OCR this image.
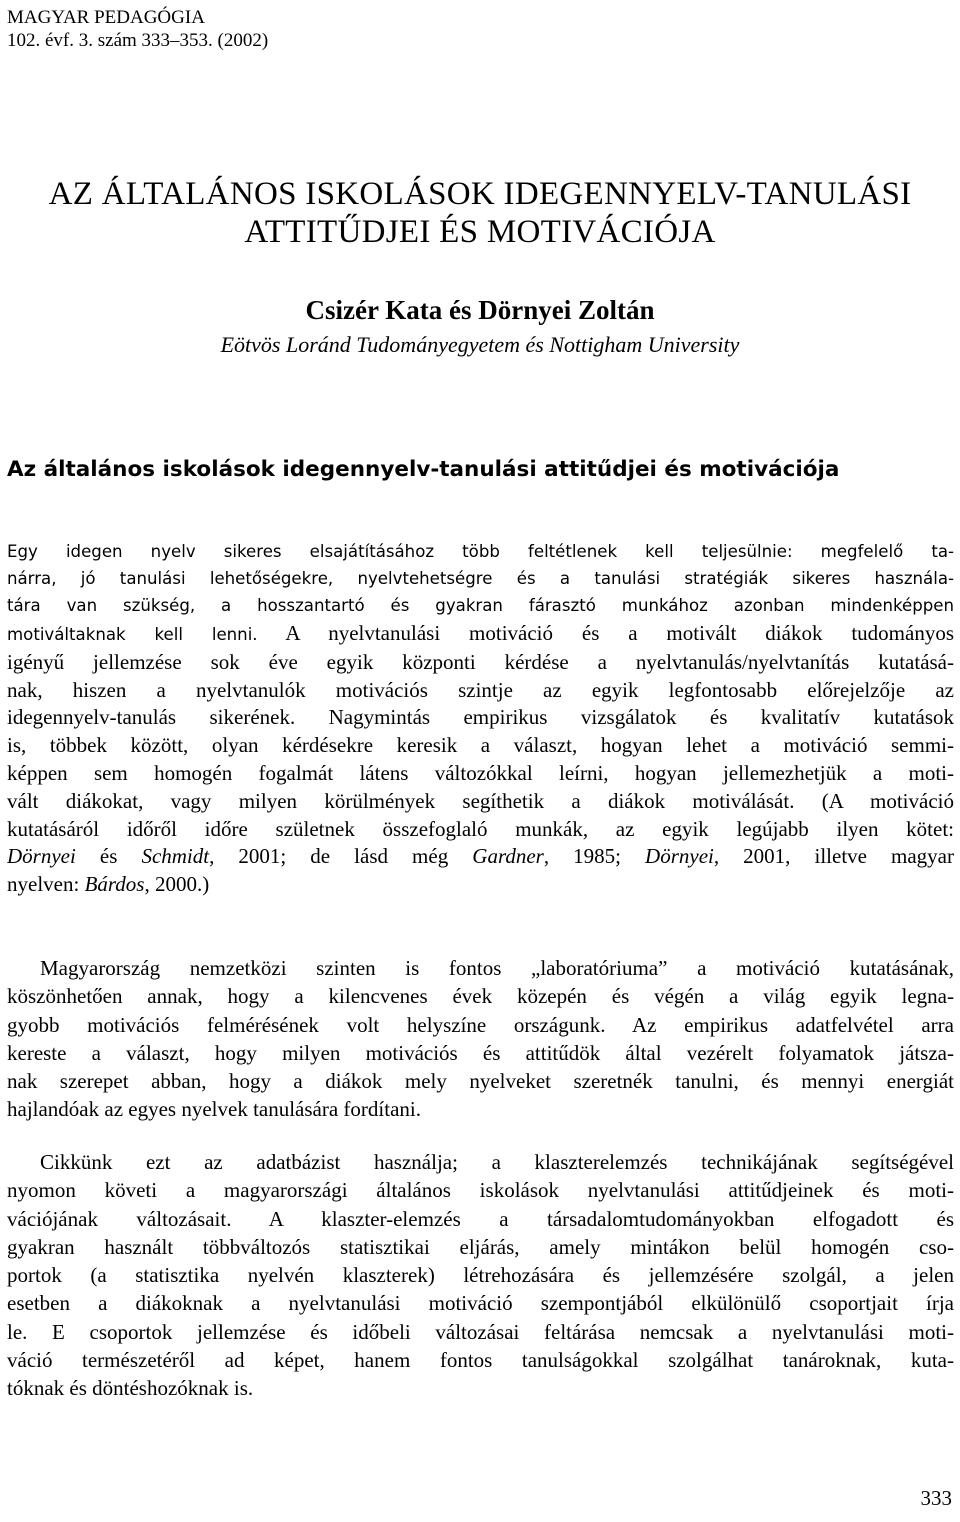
MAGYAR PEDAGÓGIA
102. évf. 3. szám 333–353. (2002)
AZ ÁLTALÁNOS ISKOLÁSOK IDEGENNYELV-TANULÁSI
ATTITŰDJEI ÉS MOTIVÁCIÓJA
Csizér Kata és Dörnyei Zoltán
Eötvös Loránd Tudományegyetem és Nottigham University
Az általános iskolások idegennyelv-tanulási attitűdjei és motivációja
Egy idegen nyelv sikeres elsajátításához több feltétlenek kell teljesülnie: megfelelő ta-
nárra, jó tanulási lehetőségekre, nyelvtehetségre és a tanulási stratégiák sikeres használa-
tára van szükség, a hosszantartó és gyakran fárasztó munkához azonban mindenképpen
motiváltaknak kell lenni. A nyelvtanulási motiváció és a motivált diákok tudományos
igényű jellemzése sok éve egyik központi kérdése a nyelvtanulás/nyelvtanítás kutatásá-
nak, hiszen a nyelvtanulók motivációs szintje az egyik legfontosabb előrejelzője az
idegennyelv-tanulás sikerének. Nagymintás empirikus vizsgálatok és kvalitatív kutatások
is, többek között, olyan kérdésekre keresik a választ, hogyan lehet a motiváció semmi-
képpen sem homogén fogalmát látens változókkal leírni, hogyan jellemezhetjük a moti-
vált diákokat, vagy milyen körülmények segíthetik a diákok motiválását. (A motiváció
kutatásáról időről időre születnek összefoglaló munkák, az egyik legújabb ilyen kötet:
Dörnyei és Schmidt, 2001; de lásd még Gardner, 1985; Dörnyei, 2001, illetve magyar
nyelven: Bárdos, 2000.)
Magyarország nemzetközi szinten is fontos „laboratóriuma” a motiváció kutatásának,
köszönhetően annak, hogy a kilencvenes évek közepén és végén a világ egyik legna-
gyobb motivációs felmérésének volt helyszíne országunk. Az empirikus adatfelvétel arra
kereste a választ, hogy milyen motivációs és attitűdök által vezérelt folyamatok játsza-
nak szerepet abban, hogy a diákok mely nyelveket szeretnék tanulni, és mennyi energiát
hajlandóak az egyes nyelvek tanulására fordítani.
Cikkünk ezt az adatbázist használja; a klaszterelemzés technikájának segítségével
nyomon követi a magyarországi általános iskolások nyelvtanulási attitűdjeinek és moti-
vációjának változásait. A klaszter-elemzés a társadalomtudományokban elfogadott és
gyakran használt többváltozós statisztikai eljárás, amely mintákon belül homogén cso-
portok (a statisztika nyelvén klaszterek) létrehozására és jellemzésére szolgál, a jelen
esetben a diákoknak a nyelvtanulási motiváció szempontjából elkülönülő csoportjait írja
le. E csoportok jellemzése és időbeli változásai feltárása nemcsak a nyelvtanulási moti-
váció természetéről ad képet, hanem fontos tanulságokkal szolgálhat tanároknak, kuta-
tóknak és döntéshozóknak is.
333
